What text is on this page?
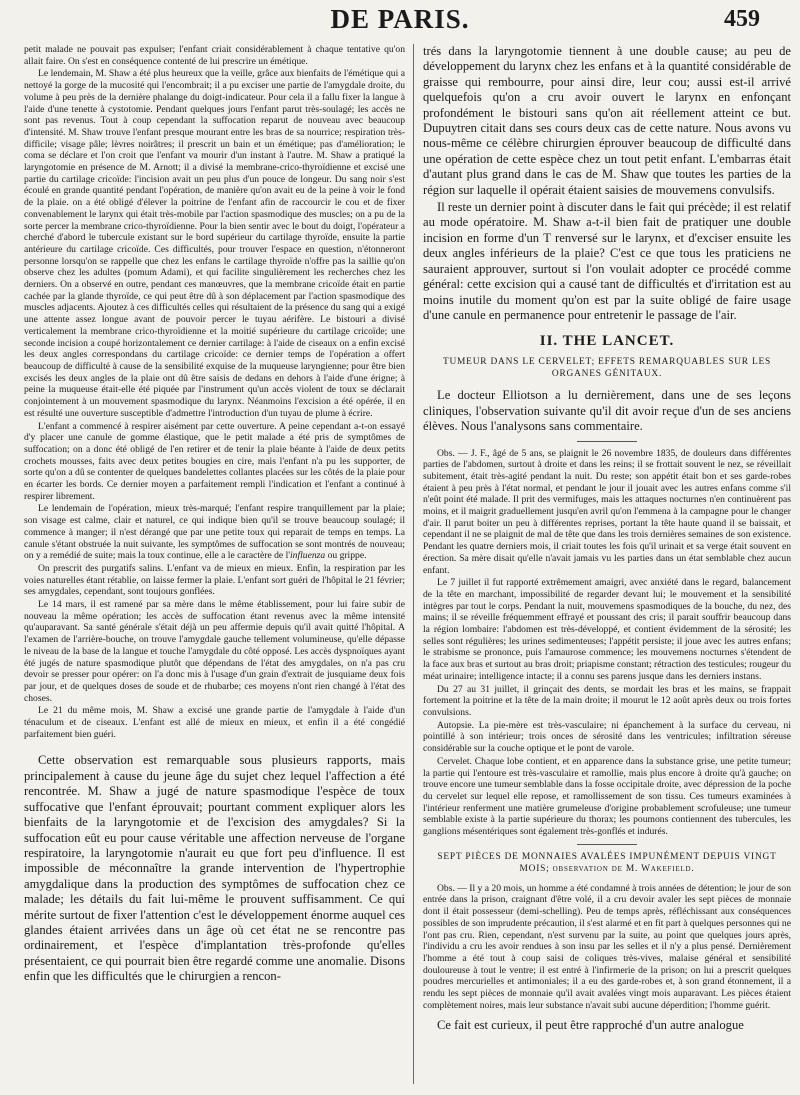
DE PARIS.	459

petit malade ne pouvait pas expulser; l'enfant criait considérablement à chaque tentative qu'on allait faire. On s'est en conséquence contenté de lui prescrire un émétique.

Le lendemain, M. Shaw a été plus heureux que la veille, grâce aux bienfaits de l'émétique qui a nettoyé la gorge de la mucosité qui l'encombrait; il a pu exciser une partie de l'amygdale droite, du volume à peu près de la dernière phalange du doigt-indicateur. Pour cela il a fallu fixer la langue à l'aide d'une tenette à cystotomie. Pendant quelques jours l'enfant parut très-soulagé; les accès ne sont pas revenus. Tout à coup cependant la suffocation reparut de nouveau avec beaucoup d'intensité. M. Shaw trouve l'enfant presque mourant entre les bras de sa nourrice; respiration très-difficile; visage pâle; lèvres noirâtres; il prescrit un bain et un émétique; pas d'amélioration; le coma se déclare et l'on croit que l'enfant va mourir d'un instant à l'autre. M. Shaw a pratiqué la laryngotomie en présence de M. Arnott; il a divisé la membrane-crico-thyroïdienne et excisé une partie du cartilage cricoïde: l'incision avait un peu plus d'un pouce de longeur. Du sang noir s'est écoulé en grande quantité pendant l'opération, de manière qu'on avait eu de la peine à voir le fond de la plaie. on a été obligé d'élever la poitrine de l'enfant afin de raccourcir le cou et de fixer convenablement le larynx qui était très-mobile par l'action spasmodique des muscles; on a pu de la sorte percer la membrane crico-thyroïdienne. Pour la bien sentir avec le bout du doigt, l'opérateur a cherché d'abord le tubercule existant sur le bord supérieur du cartilage thyroïde, ensuite la partie antérieure du cartilage cricoïde. Ces difficultés, pour trouver l'espace en question, n'étonneront personne lorsqu'on se rappelle que chez les enfans le cartilage thyroïde n'offre pas la saillie qu'on observe chez les adultes (pomum Adami), et qui facilite singulièrement les recherches chez les derniers. On a observé en outre, pendant ces manœuvres, que la membrane cricoïde était en partie cachée par la glande thyroïde, ce qui peut être dû à son déplacement par l'action spasmodique des muscles adjacents. Ajoutez à ces difficultés celles qui résultaient de la présence du sang qui a exigé une attente assez longue avant de pouvoir percer le tuyau aérifère. Le bistouri a divisé verticalement la membrane crico-thyroïdienne et la moitié supérieure du cartilage cricoïde; une seconde incision a coupé horizontalement ce dernier cartilage: à l'aide de ciseaux on a enfin excisé les deux angles correspondans du cartilage cricoïde: ce dernier temps de l'opération a offert beaucoup de difficulté à cause de la sensibilité exquise de la muqueuse laryngienne; pour être bien excisés les deux angles de la plaie ont dû être saisis de dedans en dehors à l'aide d'une érigne; à peine la muqueuse était-elle été piquée par l'instrument qu'un accès violent de toux se déclarait conjointement à un mouvement spasmodique du larynx. Néanmoins l'excision a été opérée, il en est résulté une ouverture susceptible d'admettre l'introduction d'un tuyau de plume à écrire.

L'enfant a commencé à respirer aisément par cette ouverture. A peine cependant a-t-on essayé d'y placer une canule de gomme élastique, que le petit malade a été pris de symptômes de suffocation; on a donc été obligé de l'en retirer et de tenir la plaie béante à l'aide de deux petits crochets mousses, faits avec deux petites bougies en cire, mais l'enfant n'a pu les supporter, de sorte qu'on a dû se contenter de quelques bandelettes collantes placées sur les côtés de la plaie pour en écarter les bords. Ce dernier moyen a parfaitement rempli l'indication et l'enfant a continué à respirer librement.

Le lendemain de l'opération, mieux très-marqué; l'enfant respire tranquillement par la plaie; son visage est calme, clair et naturel, ce qui indique bien qu'il se trouve beaucoup soulagé; il commence à manger; il n'est dérangé que par une petite toux qui reparait de temps en temps. La canule s'étant obstruée la nuit suivante, les symptômes de suffocation se sont montrés de nouveau; on y a remédié de suite; mais la toux continue, elle a le caractère de l'influenza ou grippe.

On prescrit des purgatifs salins. L'enfant va de mieux en mieux. Enfin, la respiration par les voies naturelles étant rétablie, on laisse fermer la plaie. L'enfant sort guéri de l'hôpital le 21 février; ses amygdales, cependant, sont toujours gonflées.

Le 14 mars, il est ramené par sa mère dans le même établissement, pour lui faire subir de nouveau la même opération; les accès de suffocation étant revenus avec la même intensité qu'auparavant. Sa santé générale s'était déjà un peu affermie depuis qu'il avait quitté l'hôpital. A l'examen de l'arrière-bouche, on trouve l'amygdale gauche tellement volumineuse, qu'elle dépasse le niveau de la base de la langue et touche l'amygdale du côté opposé. Les accès dyspnoïques ayant été jugés de nature spasmodique plutôt que dépendans de l'état des amygdales, on n'a pas cru devoir se presser pour opérer: on l'a donc mis à l'usage d'un grain d'extrait de jusquiame deux fois par jour, et de quelques doses de soude et de rhubarbe; ces moyens n'ont rien changé à l'état des choses.

Le 21 du même mois, M. Shaw a excisé une grande partie de l'amygdale à l'aide d'un ténaculum et de ciseaux. L'enfant est allé de mieux en mieux, et enfin il a été congédié parfaitement bien guéri.

Cette observation est remarquable sous plusieurs rapports, mais principalement à cause du jeune âge du sujet chez lequel l'affection a été rencontrée. M. Shaw a jugé de nature spasmodique l'espèce de toux suffocative que l'enfant éprouvait; pourtant comment expliquer alors les bienfaits de la laryngotomie et de l'excision des amygdales? Si la suffocation eût eu pour cause véritable une affection nerveuse de l'organe respiratoire, la laryngotomie n'aurait eu que fort peu d'influence. Il est impossible de méconnaître la grande intervention de l'hypertrophie amygdalique dans la production des symptômes de suffocation chez ce malade; les détails du fait lui-même le prouvent suffisamment. Ce qui mérite surtout de fixer l'attention c'est le développement énorme auquel ces glandes étaient arrivées dans un âge où cet état ne se rencontre pas ordinairement, et l'espèce d'implantation très-profonde qu'elles présentaient, ce qui pourrait bien être regardé comme une anomalie. Disons enfin que les difficultés que le chirurgien a rencon-

trés dans la laryngotomie tiennent à une double cause; au peu de développement du larynx chez les enfans et à la quantité considérable de graisse qui rembourre, pour ainsi dire, leur cou; aussi est-il arrivé quelquefois qu'on a cru avoir ouvert le larynx en enfonçant profondément le bistouri sans qu'on ait réellement atteint ce but. Dupuytren citait dans ses cours deux cas de cette nature. Nous avons vu nous-même ce célèbre chirurgien éprouver beaucoup de difficulté dans une opération de cette espèce chez un tout petit enfant. L'embarras était d'autant plus grand dans le cas de M. Shaw que toutes les parties de la région sur laquelle il opérait étaient saisies de mouvemens convulsifs.

Il reste un dernier point à discuter dans le fait qui précède; il est relatif au mode opératoire. M. Shaw a-t-il bien fait de pratiquer une double incision en forme d'un T renversé sur le larynx, et d'exciser ensuite les deux angles inférieurs de la plaie? C'est ce que tous les praticiens ne sauraient approuver, surtout si l'on voulait adopter ce procédé comme général: cette excision qui a causé tant de difficultés et d'irritation est au moins inutile du moment qu'on est par la suite obligé de faire usage d'une canule en permanence pour entretenir le passage de l'air.

II. THE LANCET.
TUMEUR DANS LE CERVELET; EFFETS REMARQUABLES SUR LES ORGANES GÉNITAUX.

Le docteur Elliotson a lu dernièrement, dans une de ses leçons cliniques, l'observation suivante qu'il dit avoir reçue d'un de ses anciens élèves. Nous l'analysons sans commentaire.

Obs. — J. F., âgé de 5 ans, se plaignit le 26 novembre 1835, de douleurs dans différentes parties de l'abdomen, surtout à droite et dans les reins; il se frottait souvent le nez, se réveillait subitement, était très-agité pendant la nuit. Du reste; son appétit était bon et ses garde-robes étaient à peu près à l'état normal, et pendant le jour il jouait avec les autres enfans comme s'il n'eût point été malade. Il prit des vermifuges, mais les attaques nocturnes n'en continuèrent pas moins, et il maigrit graduellement jusqu'en avril qu'on l'emmena à la campagne pour le changer d'air. Il parut boiter un peu à différentes reprises, portant la tête haute quand il se baissait, et cependant il ne se plaignit de mal de tête que dans les trois dernières semaines de son existence. Pendant les quatre derniers mois, il criait toutes les fois qu'il urinait et sa verge était souvent en érection. Sa mère disait qu'elle n'avait jamais vu les parties dans un état semblable chez aucun enfant.

Le 7 juillet il fut rapporté extrêmement amaigri, avec anxiété dans le regard, balancement de la tête en marchant, impossibilité de regarder devant lui; le mouvement et la sensibilité intègres par tout le corps. Pendant la nuit, mouvemens spasmodiques de la bouche, du nez, des mains; il se réveille fréquemment effrayé et poussant des cris; il parait souffrir beaucoup dans la région lombaire: l'abdomen est très-développé, et contient évidemment de la sérosité; les selles sont régulières; les urines sedimenteuses; l'appétit persiste; il joue avec les autres enfans; le strabisme se prononce, puis l'amaurose commence; les mouvemens nocturnes s'étendent de la face aux bras et surtout au bras droit; priapisme constant; rétraction des testicules; rougeur du méat urinaire; intelligence intacte; il a connu ses parens jusque dans les derniers instans.

Du 27 au 31 juillet, il grinçait des dents, se mordait les bras et les mains, se frappait fortement la poitrine et la tête de la main droite; il mourut le 12 août après deux ou trois fortes convulsions.

Autopsie. La pie-mère est très-vasculaire; ni épanchement à la surface du cerveau, ni pointillé à son intérieur; trois onces de sérosité dans les ventricules; infiltration séreuse considérable sur la couche optique et le pont de varole.

Cervelet. Chaque lobe contient, et en apparence dans la substance grise, une petite tumeur; la partie qui l'entoure est très-vasculaire et ramollie, mais plus encore à droite qu'à gauche; on trouve encore une tumeur semblable dans la fosse occipitale droite, avec dépression de la poche du cervelet sur lequel elle repose, et ramollissement de son tissu. Ces tumeurs examinées à l'intérieur renferment une matière grumeleuse d'origine probablement scrofuleuse; une tumeur semblable existe à la partie supérieure du thorax; les poumons contiennent des tubercules, les ganglions mésentériques sont également très-gonflés et indurés.

SEPT PIÈCES DE MONNAIES AVALÉES IMPUNÉMENT DEPUIS VINGT MOIS; observation de M. Wakefield.

Obs. — Il y a 20 mois, un homme a été condamné à trois années de détention; le jour de son entrée dans la prison, craignant d'être volé, il a cru devoir avaler les sept pièces de monnaie dont il était possesseur (demi-schelling). Peu de temps après, réfléchissant aux conséquences possibles de son imprudente précaution, il s'est alarmé et en fit part à quelques personnes qui ne l'ont pas cru. Rien, cependant, n'est survenu par la suite, au point que quelques jours après, l'individu a cru les avoir rendues à son insu par les selles et il n'y a plus pensé. Dernièrement l'homme a été tout à coup saisi de coliques très-vives, malaise général et sensibilité douloureuse à tout le ventre; il est entré à l'infirmerie de la prison; on lui a prescrit quelques poudres mercurielles et antimoniales; il a eu des garde-robes et, à son grand étonnement, il a rendu les sept pièces de monnaie qu'il avait avalées vingt mois auparavant. Les pièces étaient complètement noires, mais leur substance n'avait subi aucune déperdition; l'homme guérit.

Ce fait est curieux, il peut être rapproché d'un autre analogue
